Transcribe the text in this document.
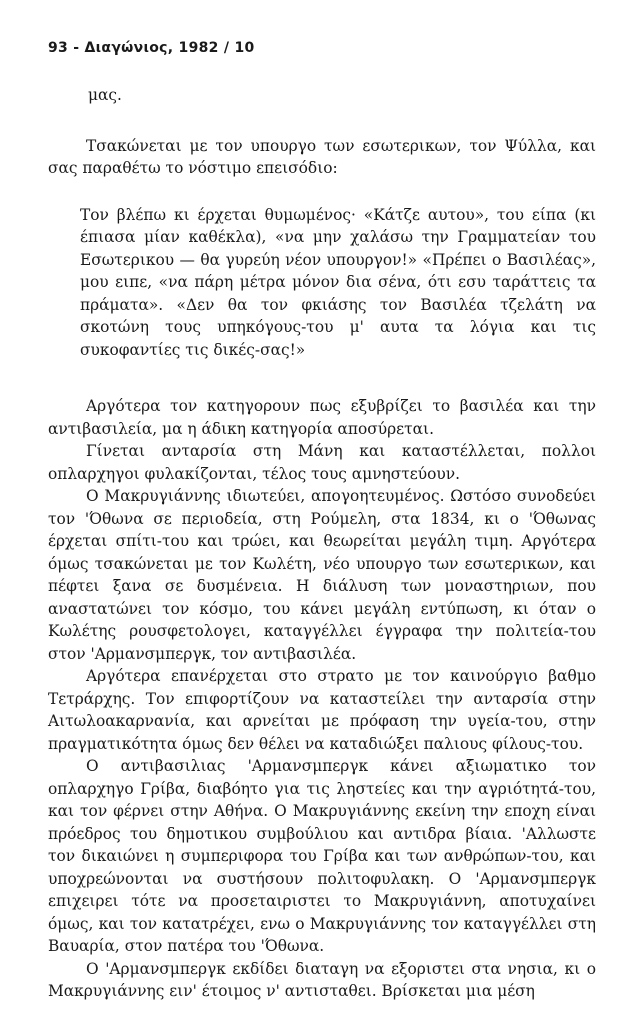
93 - Διαγώνιος, 1982 / 10

μας.

Τσακώνεται με τον υπουργο των εσωτερικων, τον Ψύλλα, και σας παραθέτω το νόστιμο επεισόδιο:

Τον βλέπω κι έρχεται θυμωμένος· «Κάτζε αυτου», του είπα (κι έπιασα μίαν καθέκλα), «να μην χαλάσω την Γραμματείαν του Εσωτερικου — θα γυρεύη νέον υπουργον!» «Πρέπει ο Βασιλέας», μου ειπε, «να πάρη μέτρα μόνον δια σένα, ότι εσυ ταράττεις τα πράματα». «Δεν θα τον φκιάσης τον Βασιλέα τζελάτη να σκοτώνη τους υπηκόγους-του μ' αυτα τα λόγια και τις συκοφαντίες τις δικές-σας!»

Αργότερα τον κατηγορουν πως εξυβρίζει το βασιλέα και την αντιβασιλεία, μα η άδικη κατηγορία αποσύρεται.

Γίνεται ανταρσία στη Μάνη και καταστέλλεται, πολλοι οπλαρχηγοι φυλακίζονται, τέλος τους αμνηστεύουν.

Ο Μακρυγιάννης ιδιωτεύει, απογοητευμένος. Ωστόσο συνοδεύει τον 'Όθωνα σε περιοδεία, στη Ρούμελη, στα 1834, κι ο 'Όθωνας έρχεται σπίτι-του και τρώει, και θεωρείται μεγάλη τιμη. Αργότερα όμως τσακώνεται με τον Κωλέτη, νέο υπουργο των εσωτερικων, και πέφτει ξανα σε δυσμένεια. Η διάλυση των μοναστηριων, που αναστατώνει τον κόσμο, του κάνει μεγάλη εντύπωση, κι όταν ο Κωλέτης ρουσφετολογει, καταγγέλλει έγγραφα την πολιτεία-του στον 'Αρμανσμπεργκ, τον αντιβασιλέα.

Αργότερα επανέρχεται στο στρατο με τον καινούργιο βαθμο Τετράρχης. Τον επιφορτίζουν να καταστείλει την ανταρσία στην Αιτωλοακαρνανία, και αρνείται με πρόφαση την υγεία-του, στην πραγματικότητα όμως δεν θέλει να καταδιώξει παλιους φίλους-του.

Ο αντιβασιλιας 'Αρμανσμπεργκ κάνει αξιωματικο τον οπλαρχηγο Γρίβα, διαβόητο για τις ληστείες και την αγριότητά-του, και τον φέρνει στην Αθήνα. Ο Μακρυγιάννης εκείνη την εποχη είναι πρόεδρος του δημοτικου συμβούλιου και αντιδρα βίαια. 'Αλλωστε τον δικαιώνει η συμπεριφορα του Γρίβα και των ανθρώπων-του, και υποχρεώνονται να συστήσουν πολιτοφυλακη. Ο 'Αρμανσμπεργκ επιχειρει τότε να προσεταιριστει το Μακρυγιάννη, αποτυχαίνει όμως, και τον κατατρέχει, ενω ο Μακρυγιάννης τον καταγγέλλει στη Βαυαρία, στον πατέρα του 'Όθωνα.

Ο 'Αρμανσμπεργκ εκδίδει διαταγη να εξοριστει στα νησια, κι ο Μακρυγιάννης ειν' έτοιμος ν' αντισταθει. Βρίσκεται μια μέση
